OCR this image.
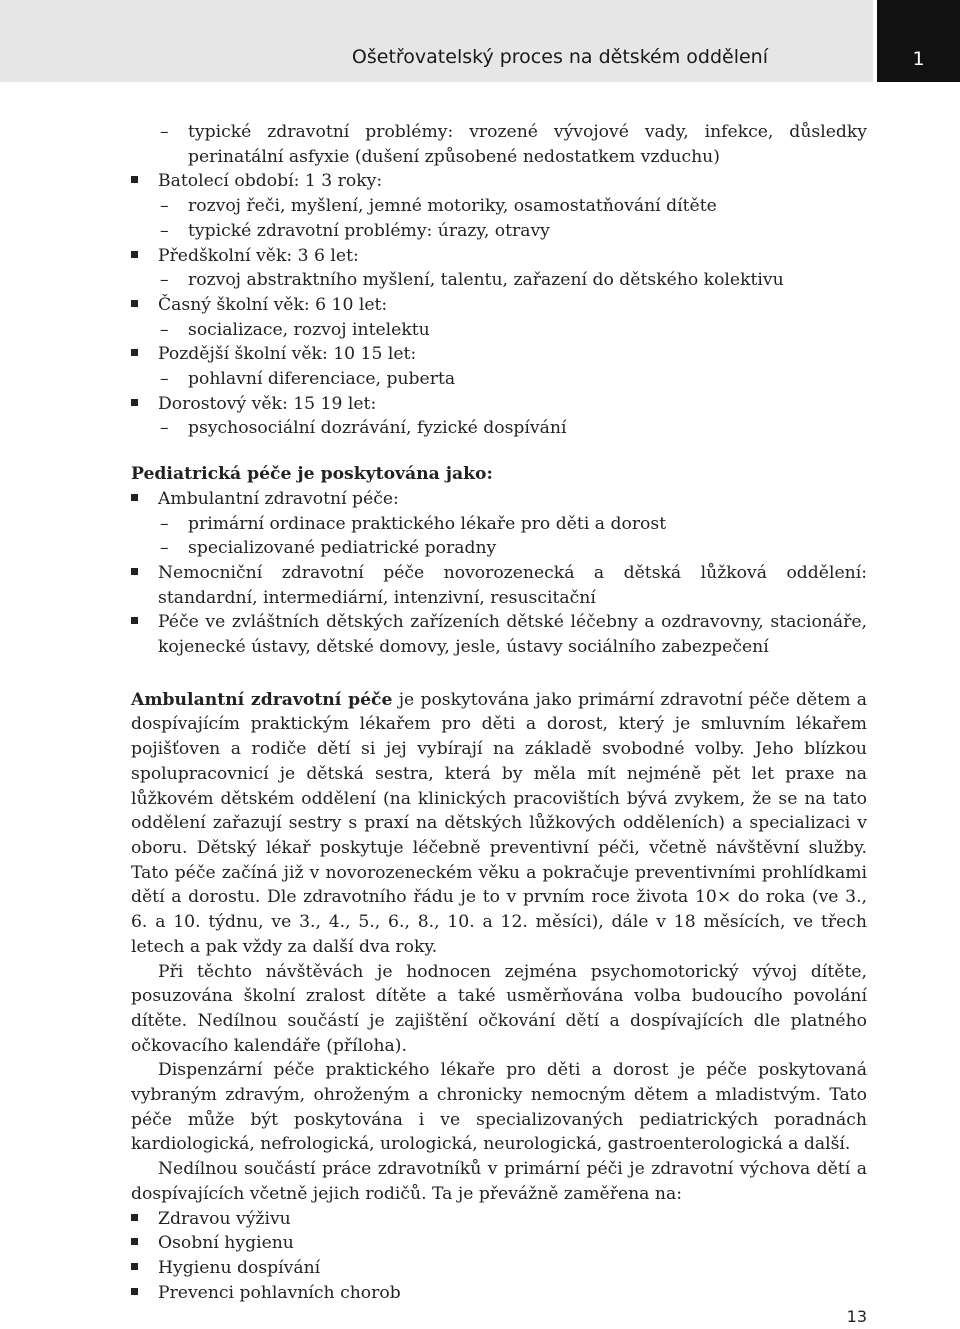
Ošetřovatelský proces na dětském oddělení	1
– typické zdravotní problémy: vrozené vývojové vady, infekce, důsledky perinatální asfyxie (dušení způsobené nedostatkem vzduchu)
Batolecí období: 1 3 roky:
– rozvoj řeči, myšlení, jemné motoriky, osamostatňování dítěte
– typické zdravotní problémy: úrazy, otravy
Předškolní věk: 3 6 let:
– rozvoj abstraktního myšlení, talentu, zařazení do dětského kolektivu
Časný školní věk: 6 10 let:
– socializace, rozvoj intelektu
Pozdější školní věk: 10 15 let:
– pohlavní diferenciace, puberta
Dorostový věk: 15 19 let:
– psychosociální dozrávání, fyzické dospívání

Pediatrická péče je poskytována jako:

Ambulantní zdravotní péče:
– primární ordinace praktického lékaře pro děti a dorost
– specializované pediatrické poradny
Nemocniční zdravotní péče novorozenecká a dětská lůžková oddělení: standardní, intermediární, intenzivní, resuscitační
Péče ve zvláštních dětských zařízeních dětské léčebny a ozdravovny, stacionáře, kojenecké ústavy, dětské domovy, jesle, ústavy sociálního zabezpečení

Ambulantní zdravotní péče je poskytována jako primární zdravotní péče dětem a dospívajícím praktickým lékařem pro děti a dorost, který je smluvním lékařem pojišťoven a rodiče dětí si jej vybírají na základě svobodné volby. Jeho blízkou spolupracovnicí je dětská sestra, která by měla mít nejméně pět let praxe na lůžkovém dětském oddělení (na klinických pracovištích bývá zvykem, že se na tato oddělení zařazují sestry s praxí na dětských lůžkových odděleních) a specializaci v oboru. Dětský lékař poskytuje léčebně preventivní péči, včetně návštěvní služby. Tato péče začíná již v novorozeneckém věku a pokračuje preventivními prohlídkami dětí a dorostu. Dle zdravotního řádu je to v prvním roce života 10× do roka (ve 3., 6. a 10. týdnu, ve 3., 4., 5., 6., 8., 10. a 12. měsíci), dále v 18 měsících, ve třech letech a pak vždy za další dva roky.

Při těchto návštěvách je hodnocen zejména psychomotorický vývoj dítěte, posuzována školní zralost dítěte a také usměrňována volba budoucího povolání dítěte. Nedílnou součástí je zajištění očkování dětí a dospívajících dle platného očkovacího kalendáře (příloha).

Dispenzární péče praktického lékaře pro děti a dorost je péče poskytovaná vybraným zdravým, ohroženým a chronicky nemocným dětem a mladistvým. Tato péče může být poskytována i ve specializovaných pediatrických poradnách kardiologická, nefrologická, urologická, neurologická, gastroenterologická a další.

Nedílnou součástí práce zdravotníků v primární péči je zdravotní výchova dětí a dospívajících včetně jejich rodičů. Ta je převážně zaměřena na:

Zdravou výživu
Osobní hygienu
Hygienu dospívání
Prevenci pohlavních chorob
13
